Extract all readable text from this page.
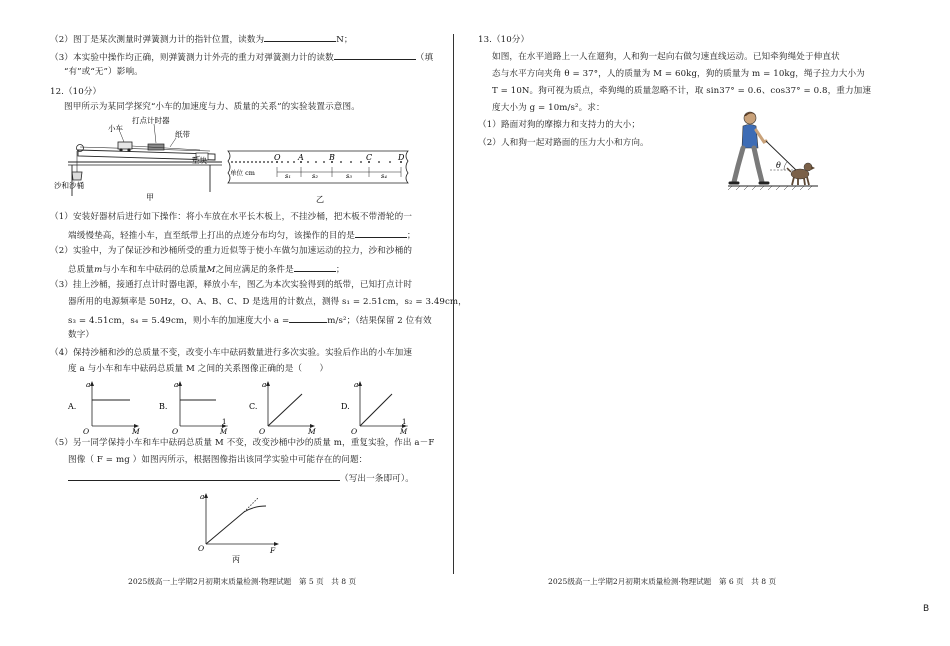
（2）图丁是某次测量时弹簧测力计的指针位置，读数为	N；
（3）本实验中操作均正确，则弹簧测力计外壳的重力对弹簧测力计的读数	（填
“有”或“无”）影响。
12.（10分）
图甲所示为某同学探究“小车的加速度与力、质量的关系”的实验装置示意图。
打点计时器
小车
纸带
垫块
沙和沙桶
甲
O A	B	C	D
单位 cm	s₁	s₂	s₃	s₄
乙
（1）安装好器材后进行如下操作：将小车放在水平长木板上，不挂沙桶，把木板不带滑轮的一
端缓慢垫高，轻推小车，直至纸带上打出的点迹分布均匀，该操作的目的是	；
（2）实验中，为了保证沙和沙桶所受的重力近似等于使小车做匀加速运动的拉力，沙和沙桶的
总质量m与小车和车中砝码的总质量M之间应满足的条件是	；
（3）挂上沙桶，接通打点计时器电源，释放小车，图乙为本次实验得到的纸带，已知打点计时
器所用的电源频率是 50Hz，O、A、B、C、D 是选用的计数点，测得 s₁ = 2.51cm，s₂ = 3.49cm，
s₃ = 4.51cm，s₄ = 5.49cm，则小车的加速度大小 a =	m/s²；（结果保留 2 位有效
数字）
（4）保持沙桶和沙的总质量不变，改变小车中砝码数量进行多次实验。实验后作出的小车加速
度 a 与小车和车中砝码总质量 M 之间的关系图像正确的是（　　）
A.
a
O	M
B.
a
O
1
M
C.
a
O	M
D.
a
O
1
M
（5）另一同学保持小车和车中砝码总质量 M 不变，改变沙桶中沙的质量 m，重复实验，作出 a－F
图像（ F = mg ）如图丙所示，根据图像指出该同学实验中可能存在的问题：
（写出一条即可）。
a
O	F
丙
2025级高一上学期2月初期末质量检测·物理试题　第 5 页　共 8 页
13.（10分）
如图，在水平道路上一人在遛狗，人和狗一起向右做匀速直线运动。已知牵狗绳处于伸直状
态与水平方向夹角 θ = 37°，人的质量为 M = 60kg，狗的质量为 m = 10kg，绳子拉力大小为
T = 10N。狗可视为质点，牵狗绳的质量忽略不计，取 sin37° = 0.6、cos37° = 0.8，重力加速
度大小为 g = 10m/s²。求：
（1）路面对狗的摩擦力和支持力的大小；
（2）人和狗一起对路面的压力大小和方向。
θ
2025级高一上学期2月初期末质量检测·物理试题　第 6 页　共 8 页
B
